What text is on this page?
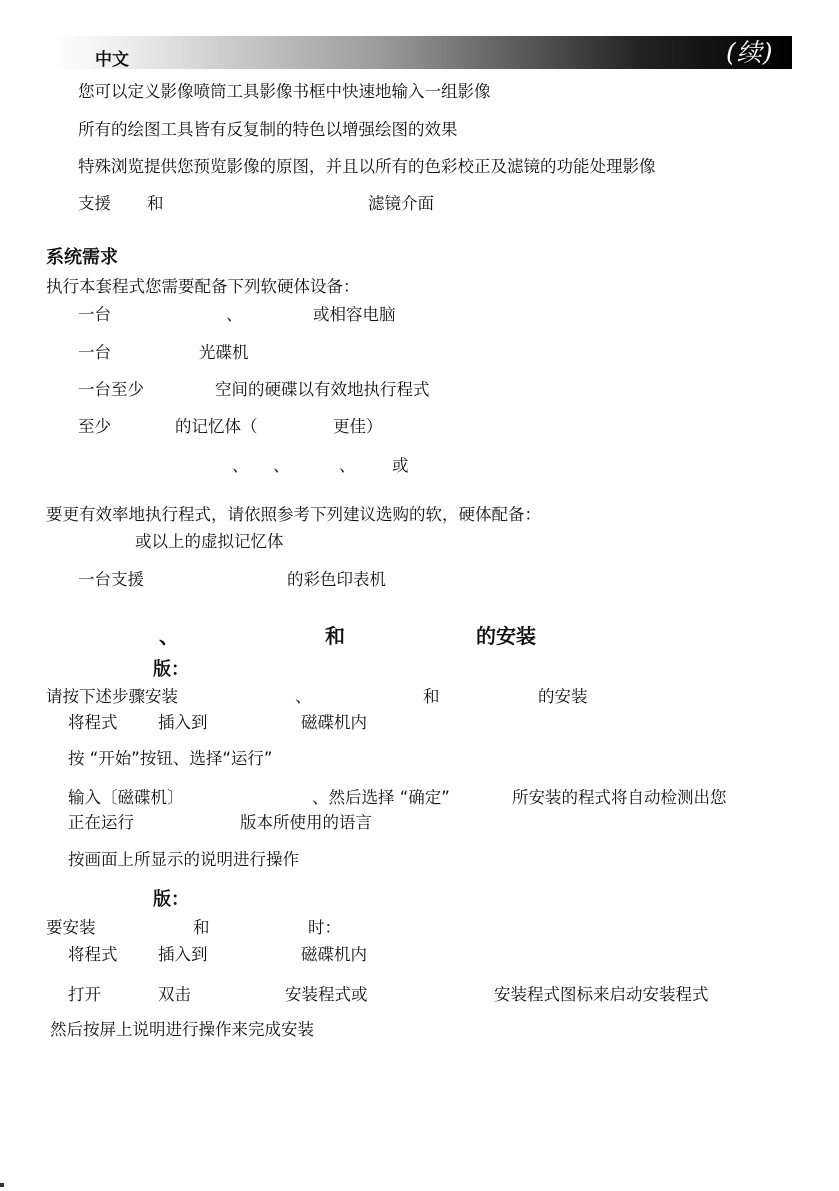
中文	(续)
您可以定义影像喷筒工具影像书框中快速地输入一组影像
所有的绘图工具皆有反复制的特色以增强绘图的效果
特殊浏览提供您预览影像的原图，并且以所有的色彩校正及滤镜的功能处理影像
支援 和	滤镜介面
系统需求
执行本套程式您需要配备下列软硬体设备：
一台	、	或相容电脑
一台	光碟机
一台至少	空间的硬碟以有效地执行程式
至少	的记忆体（	更佳）
、 、	、 或
要更有效率地执行程式，请依照参考下列建议选购的软，硬体配备：
或以上的虚拟记忆体
一台支援	的彩色印表机
、	和	的安装
版：
请按下述步骤安装	、	和	的安装
将程式 插入到	磁碟机内
按 “开始”按钮、选择“运行”
输入〔磁碟机〕	、然后选择 “确定”	所安装的程式将自动检测出您
正在运行	版本所使用的语言
按画面上所显示的说明进行操作
版：
要安装	和	时：
将程式 插入到	磁碟机内
打开	双击	安装程式或	安装程式图标来启动安装程式
然后按屏上说明进行操作来完成安装
